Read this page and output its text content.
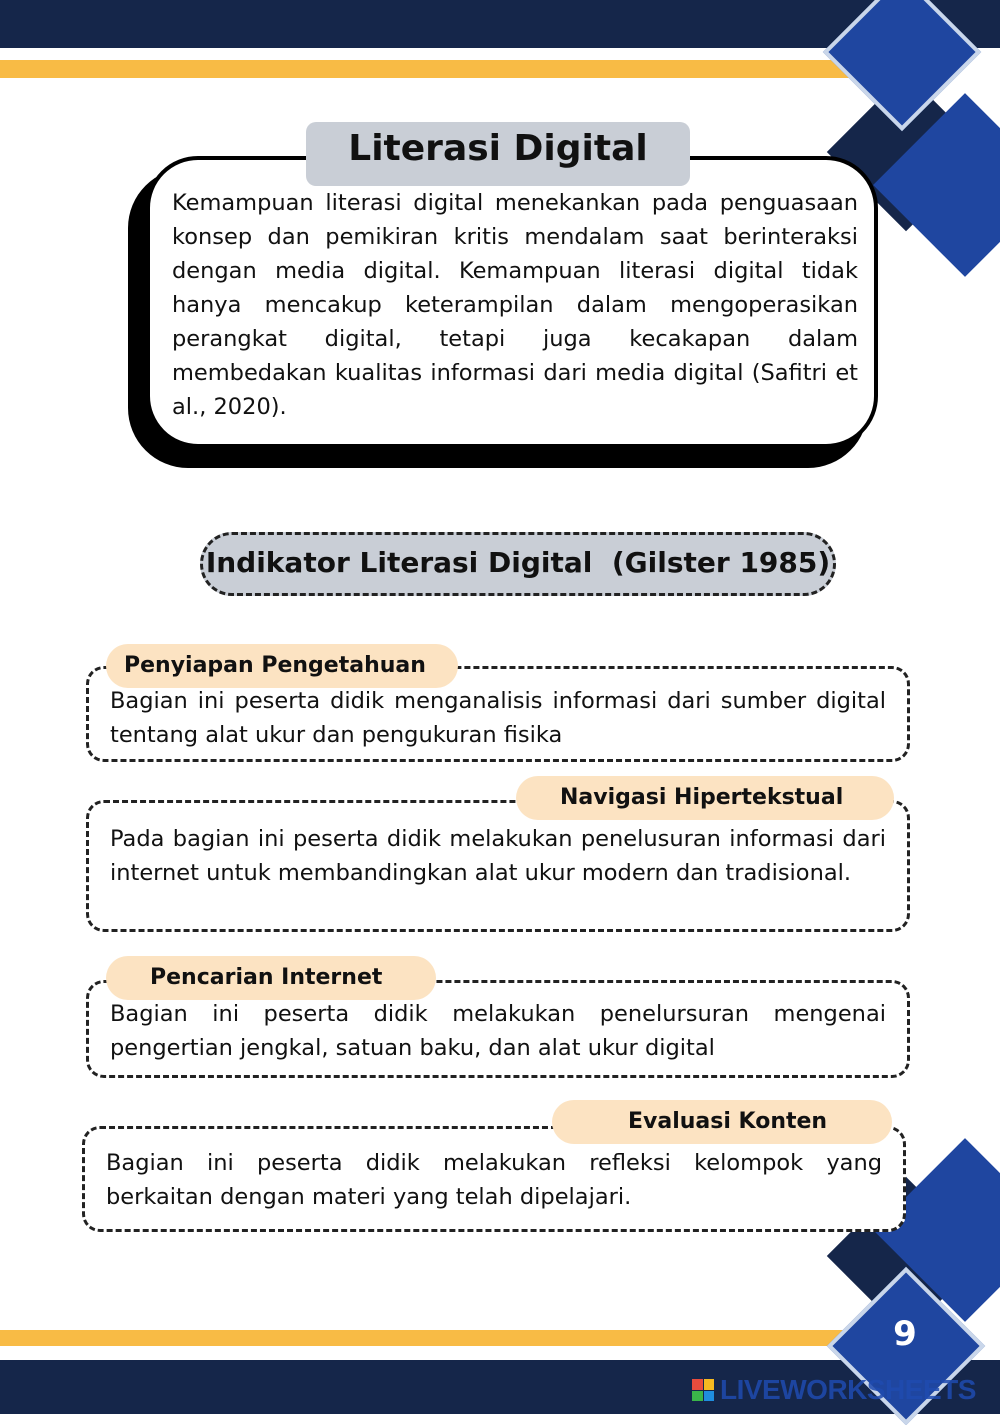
9
Literasi Digital
Kemampuan literasi digital menekankan pada penguasaan konsep dan pemikiran kritis mendalam saat berinteraksi dengan media digital. Kemampuan literasi digital tidak hanya mencakup keterampilan dalam mengoperasikan perangkat digital, tetapi juga kecakapan dalam membedakan kualitas informasi dari media digital (Safitri et al., 2020).
Indikator Literasi Digital  (Gilster 1985)
Penyiapan Pengetahuan
Bagian ini peserta didik menganalisis informasi dari sumber digital tentang alat ukur dan pengukuran fisika
Navigasi Hipertekstual
Pada bagian ini peserta didik melakukan penelusuran informasi dari internet untuk membandingkan alat ukur modern dan tradisional.
Pencarian Internet
Bagian ini peserta didik melakukan penelursuran mengenai pengertian jengkal, satuan baku, dan alat ukur digital
Evaluasi Konten
Bagian ini peserta didik melakukan refleksi kelompok yang berkaitan dengan materi yang telah dipelajari.
LIVEWORKSHEETS
